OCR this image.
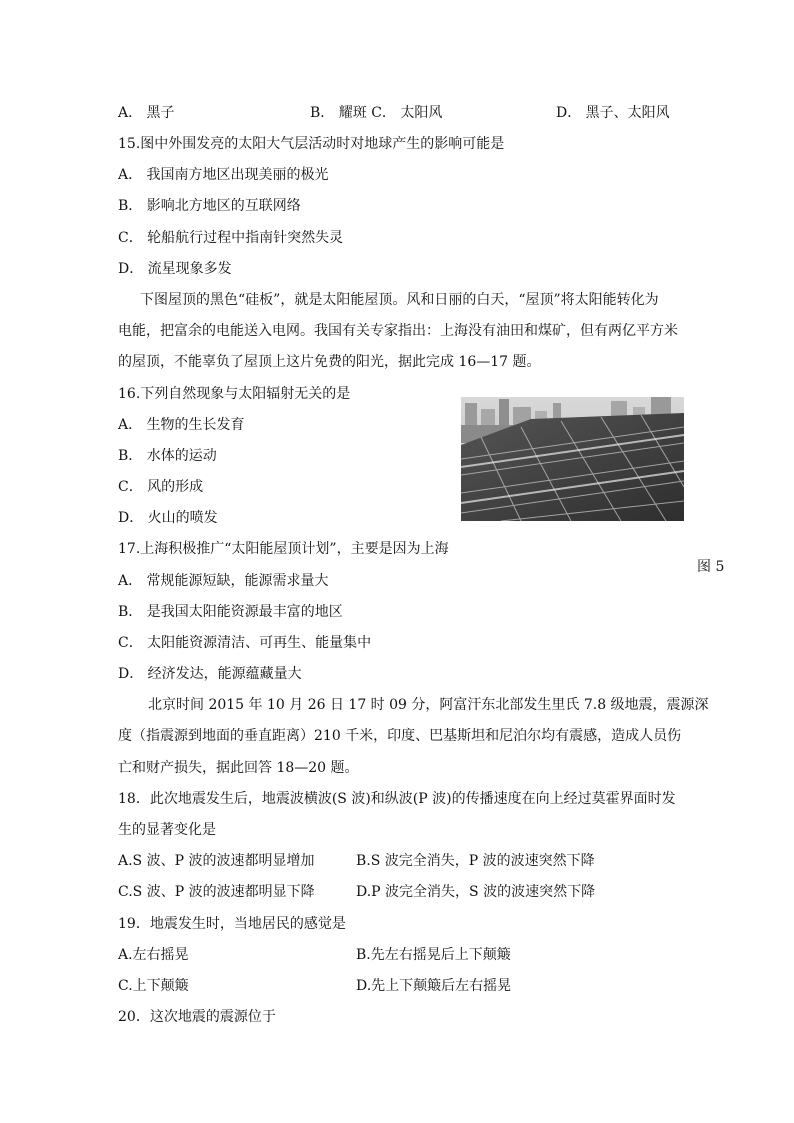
A． 黑子	B． 耀斑 C． 太阳风	D． 黑子、太阳风
15.图中外围发亮的太阳大气层活动时对地球产生的影响可能是
A． 我国南方地区出现美丽的极光
B． 影响北方地区的互联网络
C． 轮船航行过程中指南针突然失灵
D． 流星现象多发
下图屋顶的黑色“硅板”，就是太阳能屋顶。风和日丽的白天，“屋顶”将太阳能转化为
电能，把富余的电能送入电网。我国有关专家指出：上海没有油田和煤矿，但有两亿平方米
的屋顶，不能辜负了屋顶上这片免费的阳光，据此完成 16—17 题。
16.下列自然现象与太阳辐射无关的是
A． 生物的生长发育
B． 水体的运动
C． 风的形成
D． 火山的喷发
图 5
17.上海积极推广“太阳能屋顶计划”，主要是因为上海
A． 常规能源短缺，能源需求量大
B． 是我国太阳能资源最丰富的地区
C． 太阳能资源清洁、可再生、能量集中
D． 经济发达，能源蕴藏量大
北京时间 2015 年 10 月 26 日 17 时 09 分，阿富汗东北部发生里氏 7.8 级地震，震源深
度（指震源到地面的垂直距离）210 千米，印度、巴基斯坦和尼泊尔均有震感，造成人员伤
亡和财产损失，据此回答 18—20 题。
18．此次地震发生后，地震波横波(S 波)和纵波(P 波)的传播速度在向上经过莫霍界面时发
生的显著变化是
A.S 波、P 波的波速都明显增加	B.S 波完全消失，P 波的波速突然下降
C.S 波、P 波的波速都明显下降	D.P 波完全消失，S 波的波速突然下降
19．地震发生时，当地居民的感觉是
A.左右摇晃	B.先左右摇晃后上下颠簸
C.上下颠簸	D.先上下颠簸后左右摇晃
20．这次地震的震源位于
